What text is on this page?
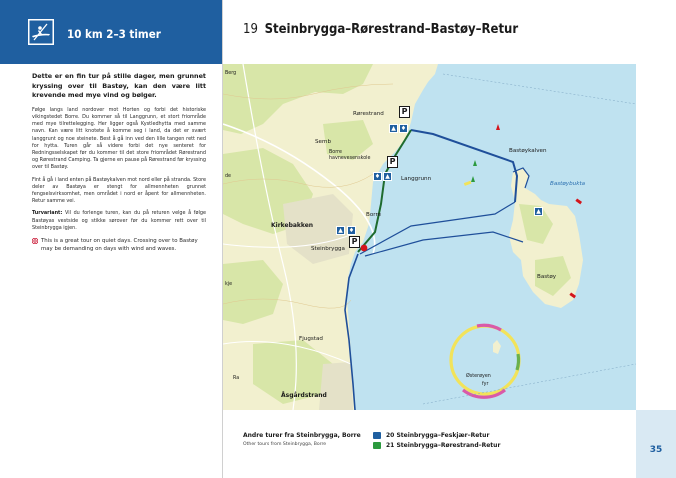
10 km 2–3 timer

Dette er en fin tur på stille dager, men grunnet kryssing over til Bastøy, kan den være litt krevende med mye vind og bølger.

Følge langs land nordover mot Horten og forbi det historiske vikingstedet Borre. Du kommer så til Langgrunn, et stort friområde med mye tilrettelegging. Her ligger også Kystledhytta med samme navn. Kan være litt knotete å komme seg i land, da det er svært langgrunt og noe steinete. Best å gå inn ved den lille tangen rett ned for hytta. Turen går så videre forbi det nye senteret for Redningsselskapet før du kommer til det store friområdet Rørestrand og Rørestrand Camping. Ta gjerne en pause på Rørestrand før kryssing over til Bastøy.

Fint å gå i land enten på Bastøykalven mot nord eller på stranda. Store deler av Bastøya er stengt for allmennheten grunnet fengselsvirksomhet, men området i nord er åpent for allmennheten. Retur samme vei.

Turvariant: Vil du forlenge turen, kan du på returen velge å følge Bastøyas vestside og stikke sørover før du kommer rett over til Steinbrygga igjen.

This is a great tour on quiet days. Crossing over to Bastøy may be demanding on days with wind and waves.
19 Steinbrygga–Rørestrand–Bastøy–Retur
Berg
Rørestrand
Semb
Borre havnevesenskole
Langgrunn
Borre
Kirkebakken
Steinbrygga
Fjugstad
Åsgårdstrand
Bastøykalven
Bastøybukta
Bastøy
Østerøyen
fyr
Ra
de
kje
P
▲ ♦
P
♦ ▲
▲ ♦
P
▲
35
Andre turer fra Steinbrygga, Borre
Other tours from Steinbrygga, Borre
20 Steinbrygga–Feskjær–Retur
21 Steinbrygga–Rørestrand–Retur
